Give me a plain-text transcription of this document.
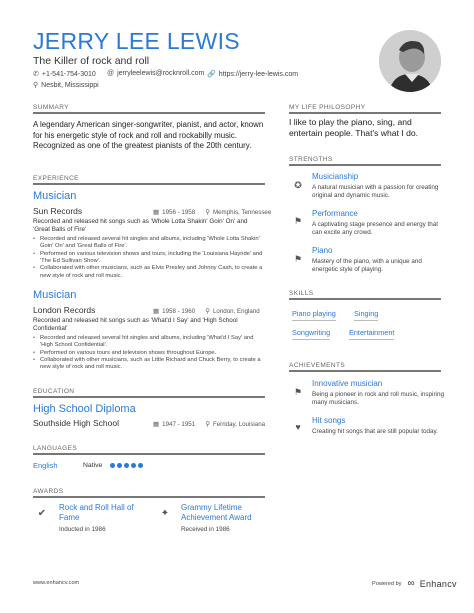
JERRY LEE LEWIS
The Killer of rock and roll
✆ +1-541-754-3010 @ jerryleelewis@rocknroll.com 🔗 https://jerry-lee-lewis.com
⚲ Nesbit, Mississippi
SUMMARY
A legendary American singer-songwriter, pianist, and actor, known for his energetic style of rock and roll and rockabilly music. Recognized as one of the greatest pianists of the 20th century.
EXPERIENCE
Musician
Sun Records	▦ 1956 - 1958 ⚲ Memphis, Tennessee
Recorded and released hit songs such as 'Whole Lotta Shakin' Goin' On' and 'Great Balls of Fire'
• Recorded and released several hit singles and albums, including 'Whole Lotta Shakin' Goin' On' and 'Great Balls of Fire'.
• Performed on various television shows and tours, including the 'Louisiana Hayride' and 'The Ed Sullivan Show'.
• Collaborated with other musicians, such as Elvis Presley and Johnny Cash, to create a new style of rock and roll music.
Musician
London Records	▦ 1958 - 1960 ⚲ London, England
Recorded and released hit songs such as 'What'd I Say' and 'High School Confidential'
• Recorded and released several hit singles and albums, including 'What'd I Say' and 'High School Confidential'.
• Performed on various tours and television shows throughout Europe.
• Collaborated with other musicians, such as Little Richard and Chuck Berry, to create a new style of rock and roll music.
EDUCATION
High School Diploma
Southside High School	▦ 1947 - 1951 ⚲ Ferriday, Louisiana
LANGUAGES
English	Native
AWARDS
✔
Rock and Roll Hall of
Fame
Inducted in 1986
✦
Grammy Lifetime
Achievement Award
Received in 1986
MY LIFE PHILOSOPHY
I like to play the piano, sing, and entertain people. That's what I do.
STRENGTHS
✪
Musicianship
A natural musician with a passion for creating original and dynamic music.
⚑
Performance
A captivating stage presence and energy that can excite any crowd.
⚑
Piano
Mastery of the piano, with a unique and energetic style of playing.
SKILLS
Piano playing Singing
Songwriting	Entertainment
ACHIEVEMENTS
⚑
Innovative musician
Being a pioneer in rock and roll music, inspiring many musicians.
♥
Hit songs
Creating hit songs that are still popular today.
www.enhancv.com	Powered by ∞ Enhancv
